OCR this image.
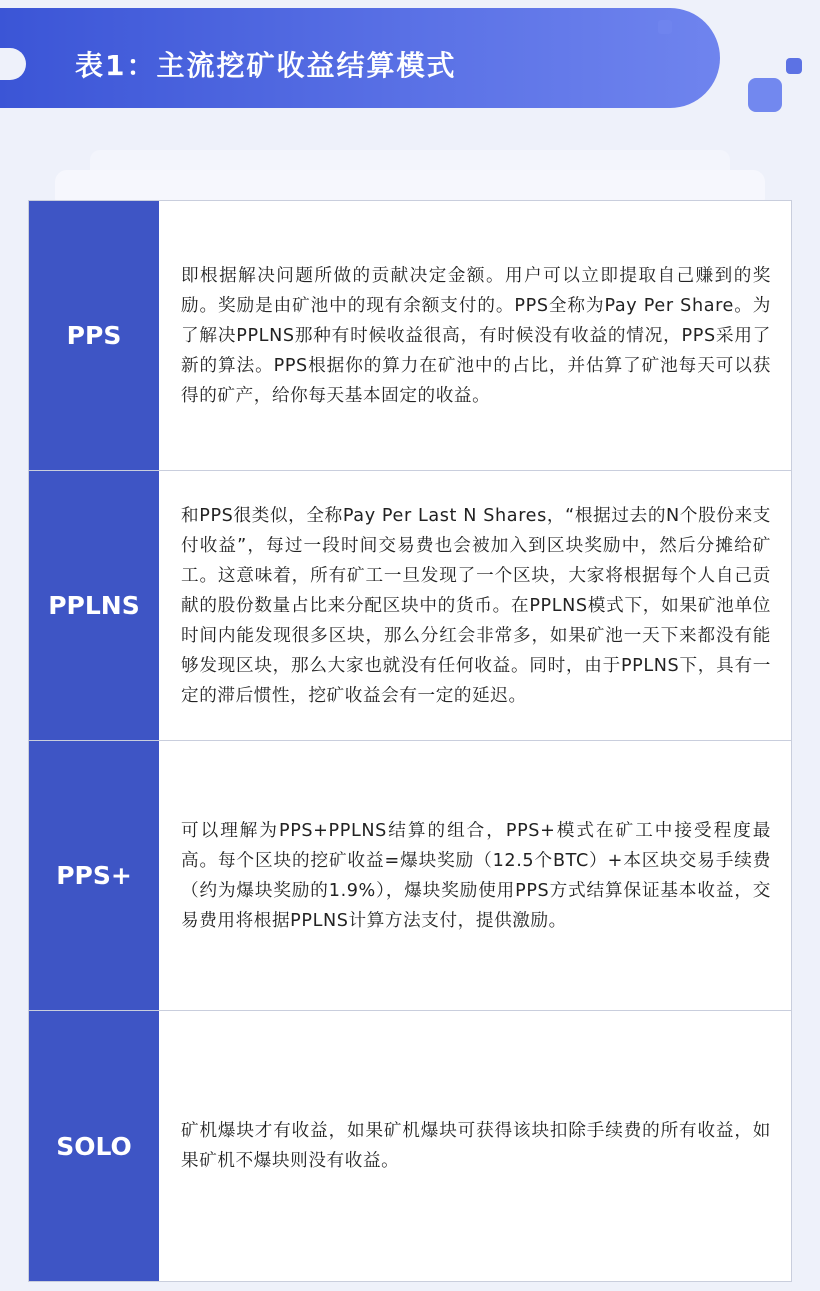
表1：主流挖矿收益结算模式
PPS
即根据解决问题所做的贡献决定金额。用户可以立即提取自己赚到的奖励。奖励是由矿池中的现有余额支付的。PPS全称为Pay Per Share。为了解决PPLNS那种有时候收益很高，有时候没有收益的情况，PPS采用了新的算法。PPS根据你的算力在矿池中的占比，并估算了矿池每天可以获得的矿产，给你每天基本固定的收益。
PPLNS
和PPS很类似，全称Pay Per Last N Shares，“根据过去的N个股份来支付收益”，每过一段时间交易费也会被加入到区块奖励中，然后分摊给矿工。这意味着，所有矿工一旦发现了一个区块，大家将根据每个人自己贡献的股份数量占比来分配区块中的货币。在PPLNS模式下，如果矿池单位时间内能发现很多区块，那么分红会非常多，如果矿池一天下来都没有能够发现区块，那么大家也就没有任何收益。同时，由于PPLNS下，具有一定的滞后惯性，挖矿收益会有一定的延迟。
PPS+
可以理解为PPS+PPLNS结算的组合，PPS+模式在矿工中接受程度最高。每个区块的挖矿收益=爆块奖励（12.5个BTC）+本区块交易手续费（约为爆块奖励的1.9%），爆块奖励使用PPS方式结算保证基本收益，交易费用将根据PPLNS计算方法支付，提供激励。
SOLO
矿机爆块才有收益，如果矿机爆块可获得该块扣除手续费的所有收益，如果矿机不爆块则没有收益。
